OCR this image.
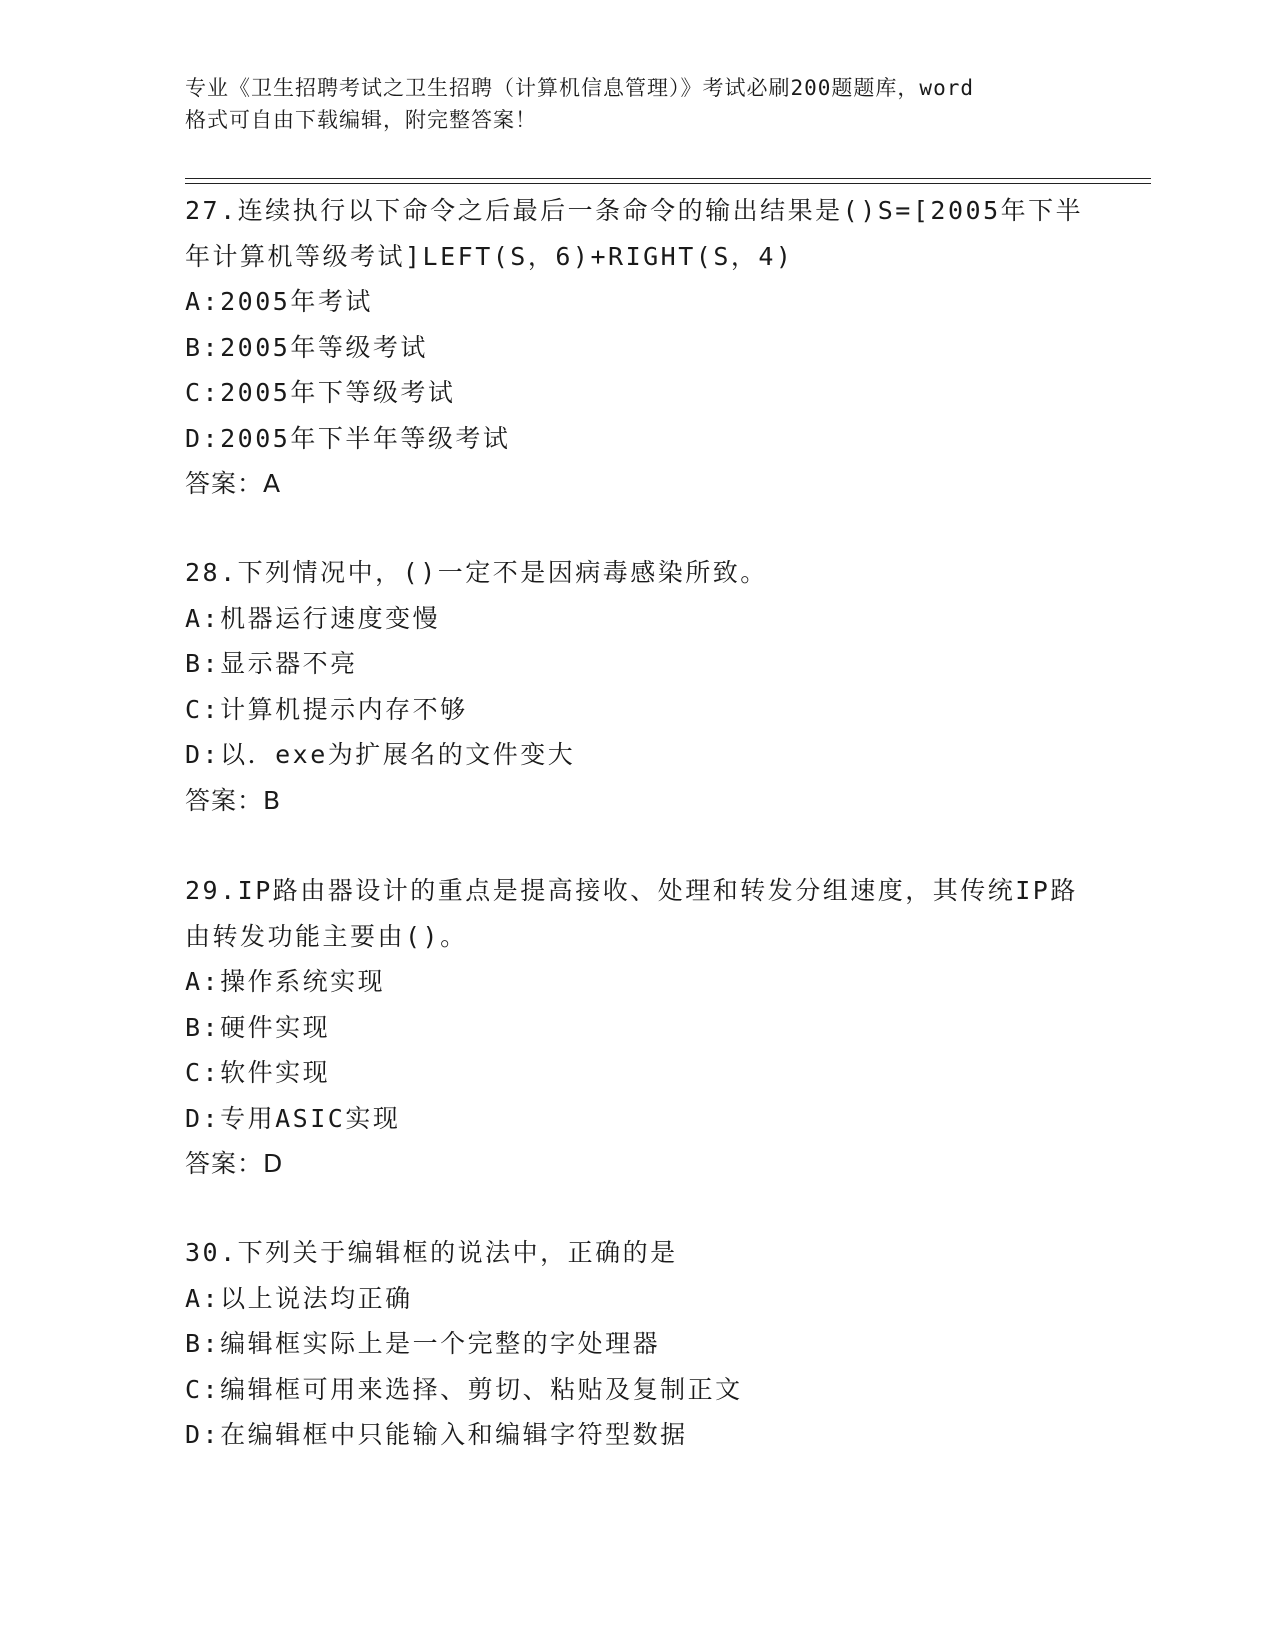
专业《卫生招聘考试之卫生招聘（计算机信息管理）》考试必刷200题题库，word
格式可自由下载编辑，附完整答案！
27.连续执行以下命令之后最后一条命令的输出结果是()S=[2005年下半年计算机等级考试]LEFT(S，6)+RIGHT(S，4)
A: 2005年考试
B: 2005年等级考试
C: 2005年下等级考试
D: 2005年下半年等级考试
答案：A
28.下列情况中，()一定不是因病毒感染所致。
A: 机器运行速度变慢
B: 显示器不亮
C: 计算机提示内存不够
D: 以．exe为扩展名的文件变大
答案：B
29.IP路由器设计的重点是提高接收、处理和转发分组速度，其传统IP路由转发功能主要由()。
A: 操作系统实现
B: 硬件实现
C: 软件实现
D: 专用ASIC实现
答案：D
30.下列关于编辑框的说法中，正确的是
A: 以上说法均正确
B: 编辑框实际上是一个完整的字处理器
C: 编辑框可用来选择、剪切、粘贴及复制正文
D: 在编辑框中只能输入和编辑字符型数据
